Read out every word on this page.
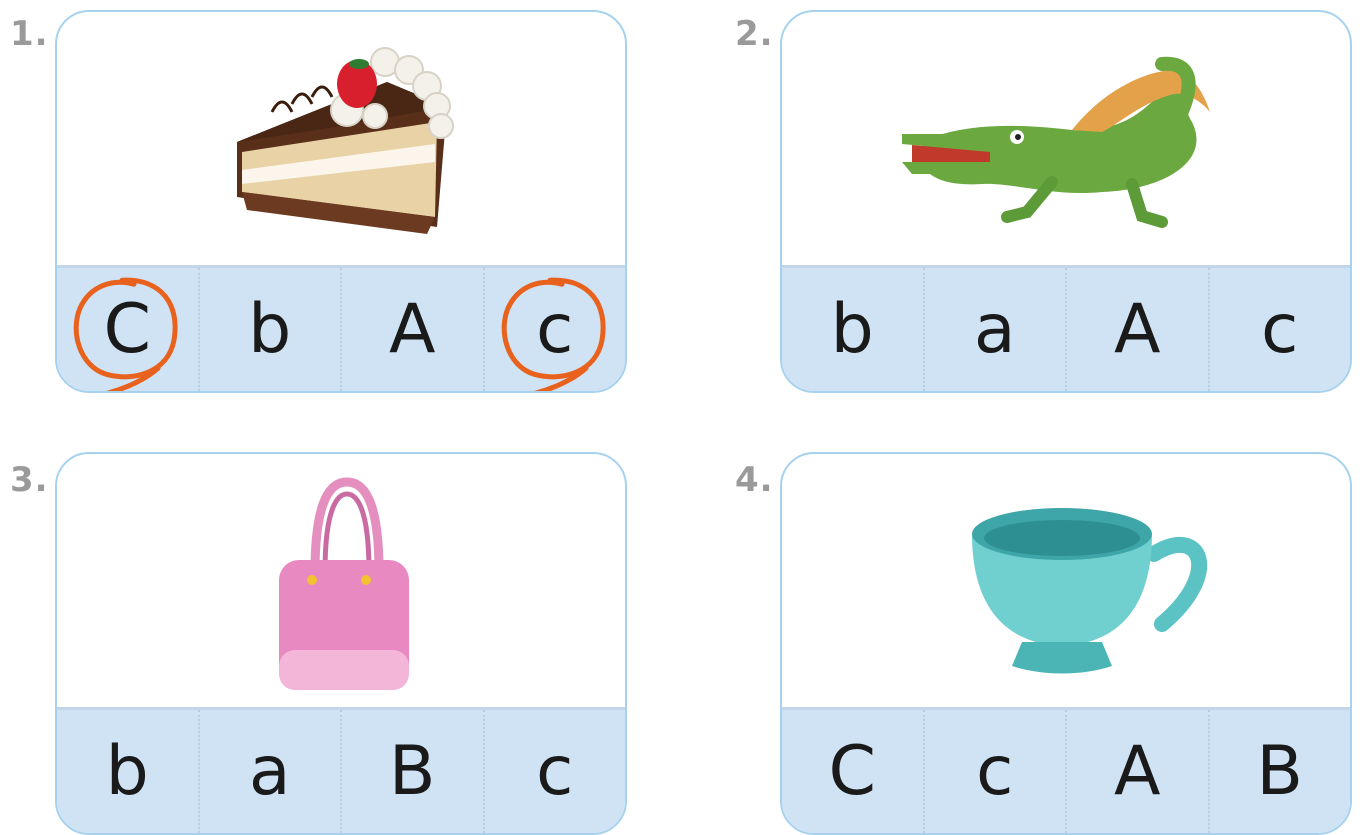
1.
C b A c
2.
b a A c
3.
b a B c
4.
C c A B
